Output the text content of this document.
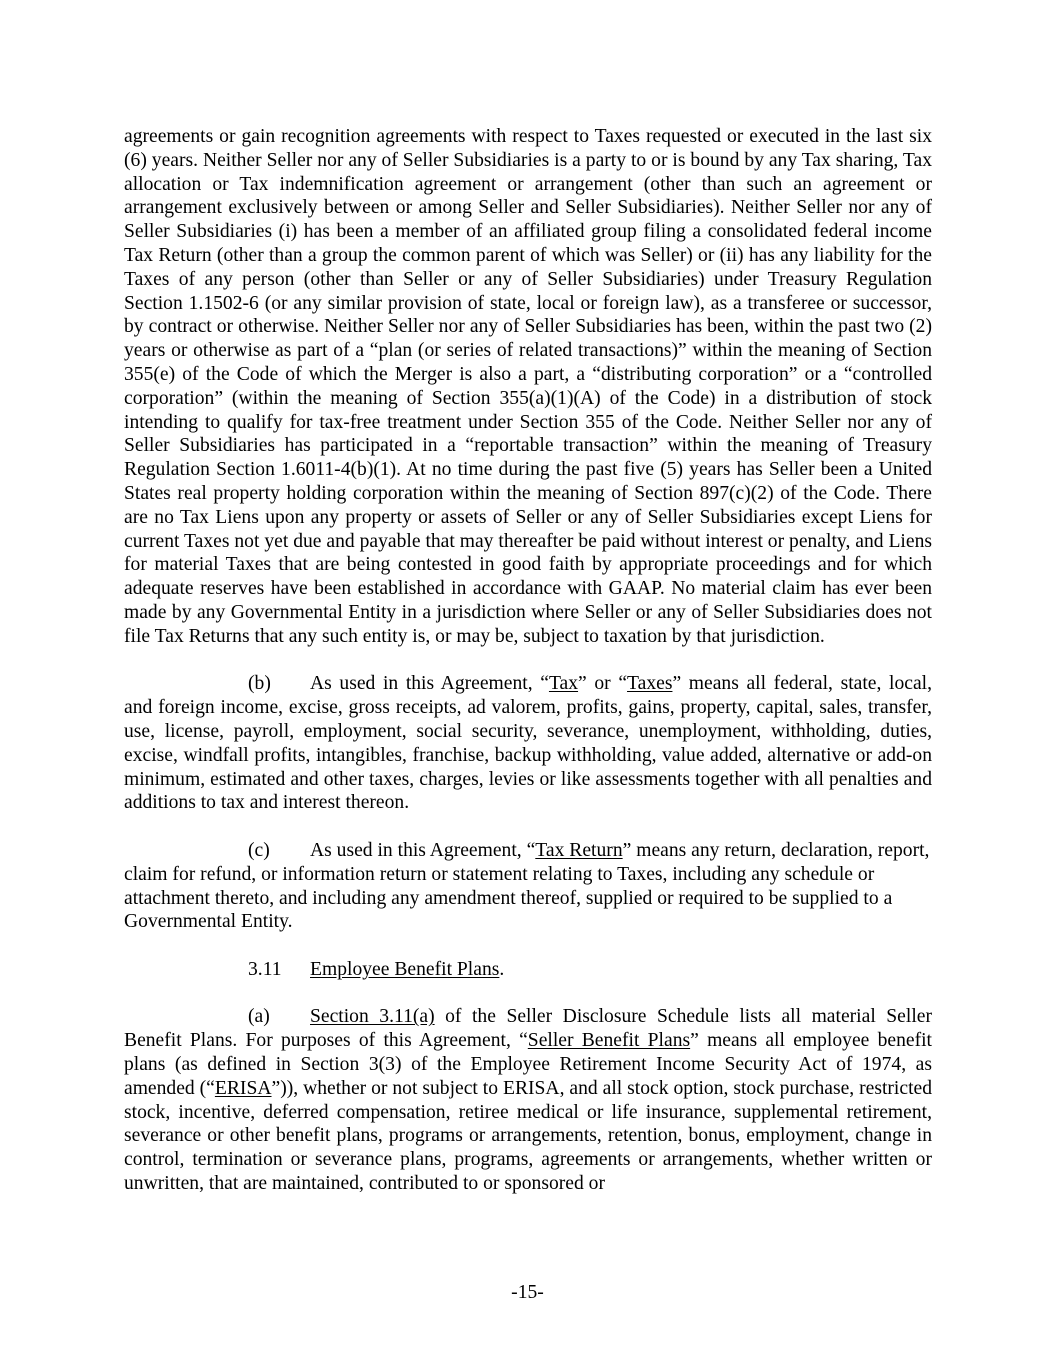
agreements or gain recognition agreements with respect to Taxes requested or executed in the last six (6) years. Neither Seller nor any of Seller Subsidiaries is a party to or is bound by any Tax sharing, Tax allocation or Tax indemnification agreement or arrangement (other than such an agreement or arrangement exclusively between or among Seller and Seller Subsidiaries). Neither Seller nor any of Seller Subsidiaries (i) has been a member of an affiliated group filing a consolidated federal income Tax Return (other than a group the common parent of which was Seller) or (ii) has any liability for the Taxes of any person (other than Seller or any of Seller Subsidiaries) under Treasury Regulation Section 1.1502-6 (or any similar provision of state, local or foreign law), as a transferee or successor, by contract or otherwise. Neither Seller nor any of Seller Subsidiaries has been, within the past two (2) years or otherwise as part of a “plan (or series of related transactions)” within the meaning of Section 355(e) of the Code of which the Merger is also a part, a “distributing corporation” or a “controlled corporation” (within the meaning of Section 355(a)(1)(A) of the Code) in a distribution of stock intending to qualify for tax-free treatment under Section 355 of the Code. Neither Seller nor any of Seller Subsidiaries has participated in a “reportable transaction” within the meaning of Treasury Regulation Section 1.6011-4(b)(1). At no time during the past five (5) years has Seller been a United States real property holding corporation within the meaning of Section 897(c)(2) of the Code. There are no Tax Liens upon any property or assets of Seller or any of Seller Subsidiaries except Liens for current Taxes not yet due and payable that may thereafter be paid without interest or penalty, and Liens for material Taxes that are being contested in good faith by appropriate proceedings and for which adequate reserves have been established in accordance with GAAP. No material claim has ever been made by any Governmental Entity in a jurisdiction where Seller or any of Seller Subsidiaries does not file Tax Returns that any such entity is, or may be, subject to taxation by that jurisdiction.

(b) As used in this Agreement, “Tax” or “Taxes” means all federal, state, local, and foreign income, excise, gross receipts, ad valorem, profits, gains, property, capital, sales, transfer, use, license, payroll, employment, social security, severance, unemployment, withholding, duties, excise, windfall profits, intangibles, franchise, backup withholding, value added, alternative or add-on minimum, estimated and other taxes, charges, levies or like assessments together with all penalties and additions to tax and interest thereon.

(c) As used in this Agreement, “Tax Return” means any return, declaration, report, claim for refund, or information return or statement relating to Taxes, including any schedule or attachment thereto, and including any amendment thereof, supplied or required to be supplied to a Governmental Entity.

3.11 Employee Benefit Plans.

(a) Section 3.11(a) of the Seller Disclosure Schedule lists all material Seller Benefit Plans. For purposes of this Agreement, “Seller Benefit Plans” means all employee benefit plans (as defined in Section 3(3) of the Employee Retirement Income Security Act of 1974, as amended (“ERISA”)), whether or not subject to ERISA, and all stock option, stock purchase, restricted stock, incentive, deferred compensation, retiree medical or life insurance, supplemental retirement, severance or other benefit plans, programs or arrangements, retention, bonus, employment, change in control, termination or severance plans, programs, agreements or arrangements, whether written or unwritten, that are maintained, contributed to or sponsored or

-15-
